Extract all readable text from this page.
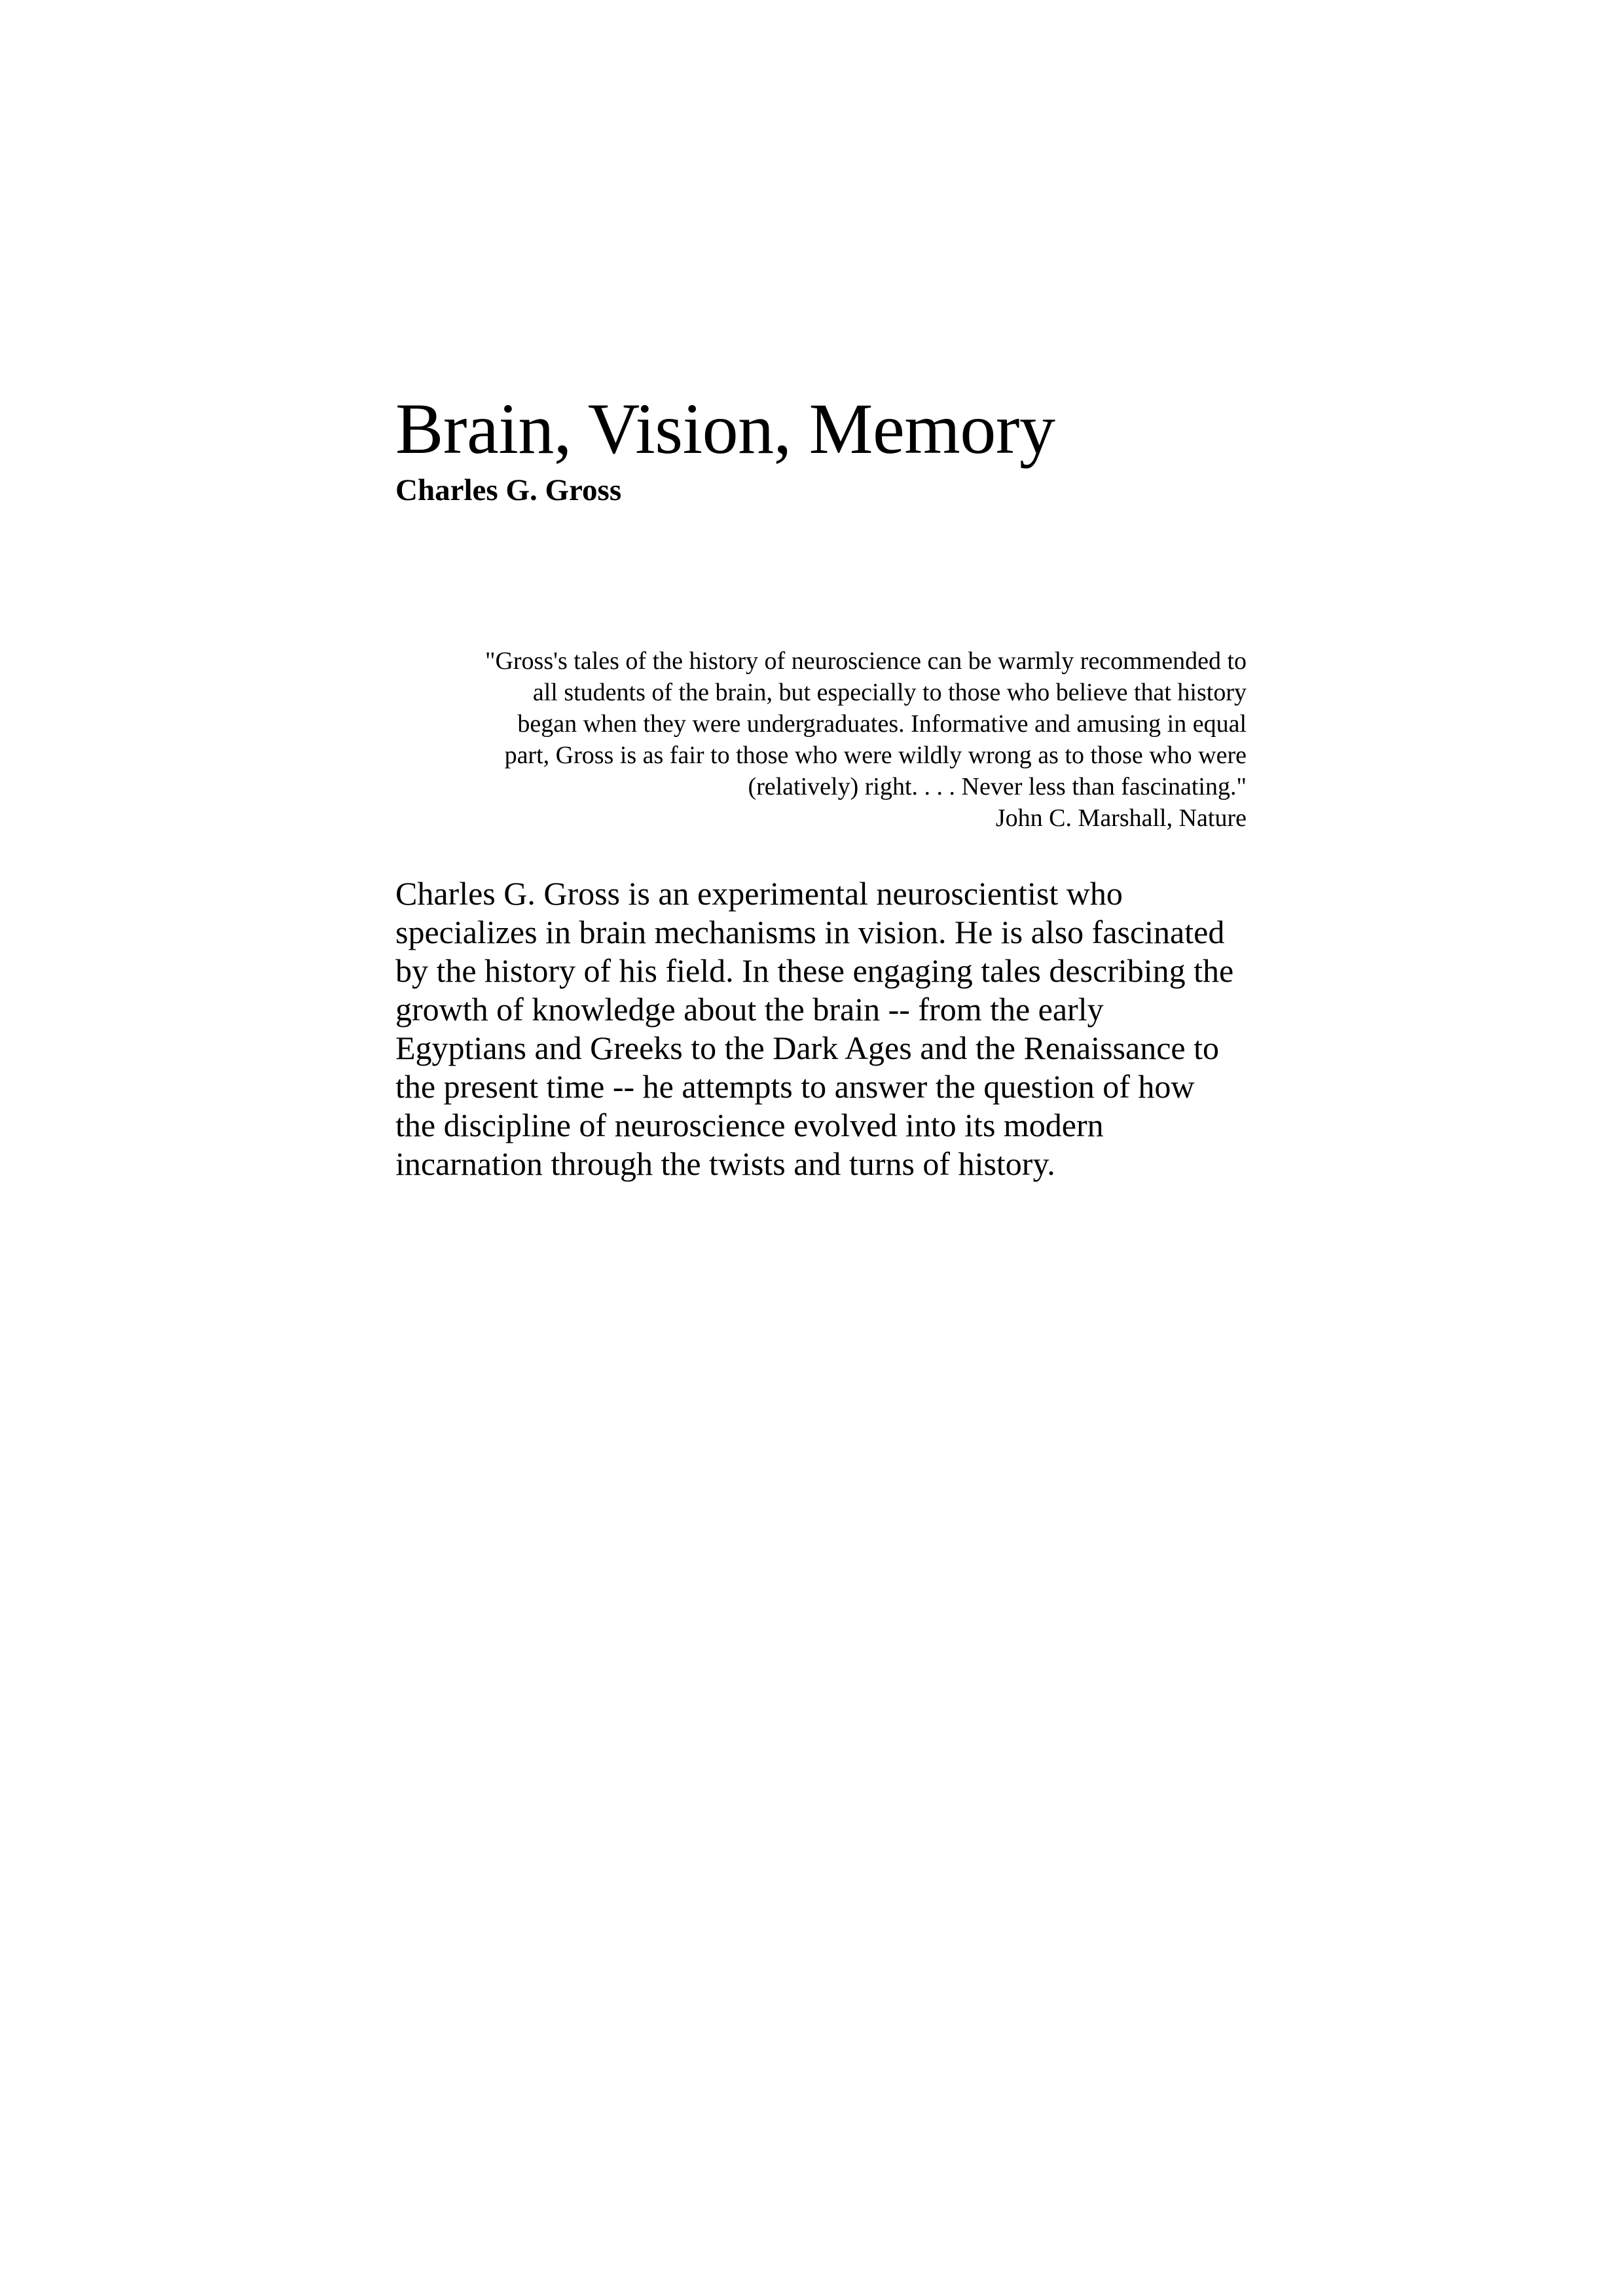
Brain, Vision, Memory
Charles G. Gross
"Gross's tales of the history of neuroscience can be warmly recommended to
all students of the brain, but especially to those who believe that history
began when they were undergraduates. Informative and amusing in equal
part, Gross is as fair to those who were wildly wrong as to those who were
(relatively) right. . . . Never less than fascinating."
John C. Marshall, Nature
Charles G. Gross is an experimental neuroscientist who
specializes in brain mechanisms in vision. He is also fascinated
by the history of his field. In these engaging tales describing the
growth of knowledge about the brain -- from the early
Egyptians and Greeks to the Dark Ages and the Renaissance to
the present time -- he attempts to answer the question of how
the discipline of neuroscience evolved into its modern
incarnation through the twists and turns of history.
